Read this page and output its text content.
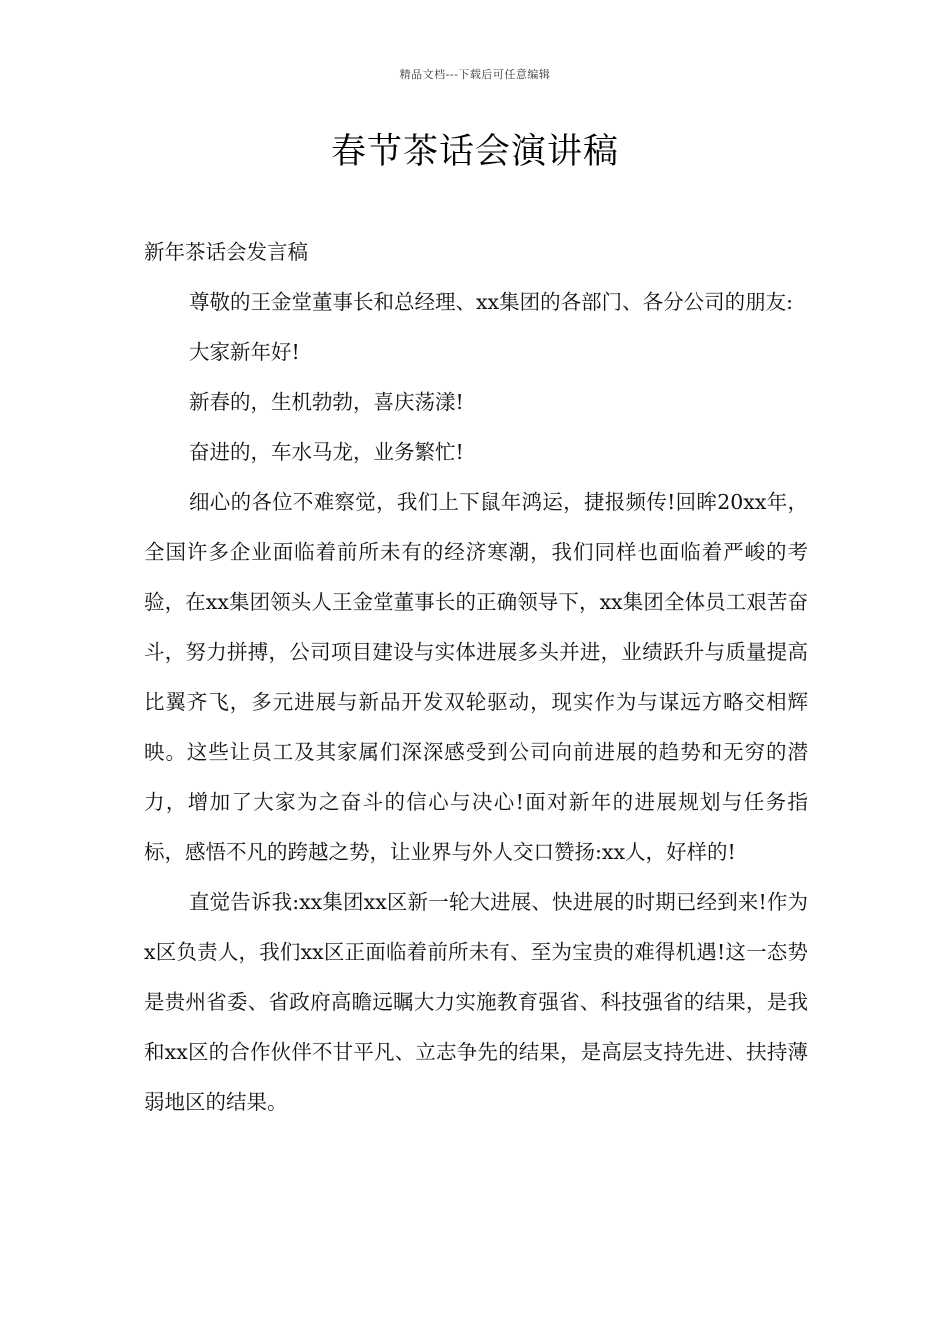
精品文档---下载后可任意编辑
春节茶话会演讲稿

新年茶话会发言稿

尊敬的王金堂董事长和总经理、xx集团的各部门、各分公司的朋友:

大家新年好!

新春的，生机勃勃，喜庆荡漾!

奋进的，车水马龙，业务繁忙!

细心的各位不难察觉，我们上下鼠年鸿运，捷报频传!回眸20xx年，全国许多企业面临着前所未有的经济寒潮，我们同样也面临着严峻的考验，在xx集团领头人王金堂董事长的正确领导下，xx集团全体员工艰苦奋斗，努力拼搏，公司项目建设与实体进展多头并进，业绩跃升与质量提高比翼齐飞，多元进展与新品开发双轮驱动，现实作为与谋远方略交相辉映。这些让员工及其家属们深深感受到公司向前进展的趋势和无穷的潜力，增加了大家为之奋斗的信心与决心!面对新年的进展规划与任务指标，感悟不凡的跨越之势，让业界与外人交口赞扬:xx人，好样的!

直觉告诉我:xx集团xx区新一轮大进展、快进展的时期已经到来!作为x区负责人，我们xx区正面临着前所未有、至为宝贵的难得机遇!这一态势是贵州省委、省政府高瞻远瞩大力实施教育强省、科技强省的结果，是我和xx区的合作伙伴不甘平凡、立志争先的结果，是高层支持先进、扶持薄弱地区的结果。
